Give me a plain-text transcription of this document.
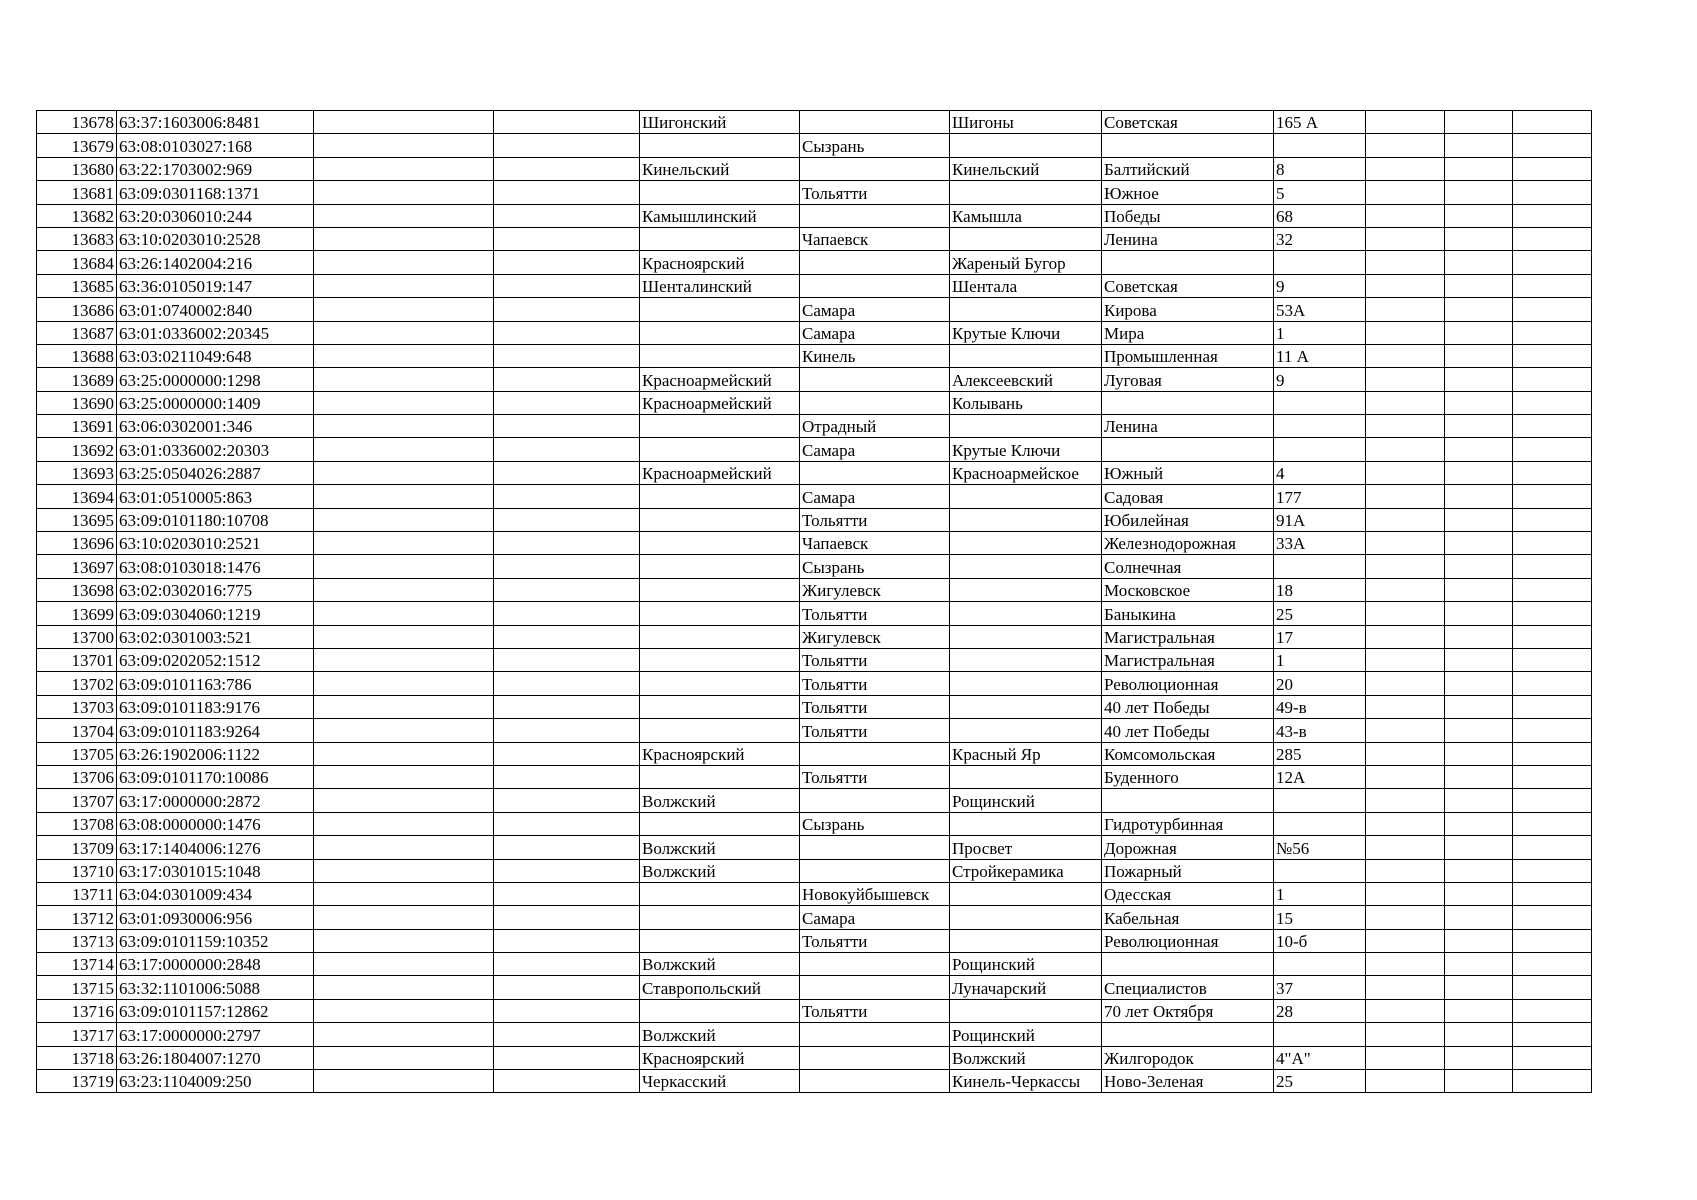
13678	63:37:1603006:8481			Шигонский		Шигоны	Советская	165 А			
13679	63:08:0103027:168				Сызрань						
13680	63:22:1703002:969			Кинельский		Кинельский	Балтийский	8			
13681	63:09:0301168:1371				Тольятти		Южное	5			
13682	63:20:0306010:244			Камышлинский		Камышла	Победы	68			
13683	63:10:0203010:2528				Чапаевск		Ленина	32			
13684	63:26:1402004:216			Красноярский		Жареный Бугор					
13685	63:36:0105019:147			Шенталинский		Шентала	Советская	9			
13686	63:01:0740002:840				Самара		Кирова	53А			
13687	63:01:0336002:20345				Самара	Крутые Ключи	Мира	1			
13688	63:03:0211049:648				Кинель		Промышленная	11 А			
13689	63:25:0000000:1298			Красноармейский		Алексеевский	Луговая	9			
13690	63:25:0000000:1409			Красноармейский		Колывань					
13691	63:06:0302001:346				Отрадный		Ленина				
13692	63:01:0336002:20303				Самара	Крутые Ключи					
13693	63:25:0504026:2887			Красноармейский		Красноармейское	Южный	4			
13694	63:01:0510005:863				Самара		Садовая	177			
13695	63:09:0101180:10708				Тольятти		Юбилейная	91А			
13696	63:10:0203010:2521				Чапаевск		Железнодорожная	33А			
13697	63:08:0103018:1476				Сызрань		Солнечная				
13698	63:02:0302016:775				Жигулевск		Московское	18			
13699	63:09:0304060:1219				Тольятти		Баныкина	25			
13700	63:02:0301003:521				Жигулевск		Магистральная	17			
13701	63:09:0202052:1512				Тольятти		Магистральная	1			
13702	63:09:0101163:786				Тольятти		Революционная	20			
13703	63:09:0101183:9176				Тольятти		40 лет Победы	49-в			
13704	63:09:0101183:9264				Тольятти		40 лет Победы	43-в			
13705	63:26:1902006:1122			Красноярский		Красный Яр	Комсомольская	285			
13706	63:09:0101170:10086				Тольятти		Буденного	12А			
13707	63:17:0000000:2872			Волжский		Рощинский					
13708	63:08:0000000:1476				Сызрань		Гидротурбинная				
13709	63:17:1404006:1276			Волжский		Просвет	Дорожная	№56			
13710	63:17:0301015:1048			Волжский		Стройкерамика	Пожарный				
13711	63:04:0301009:434				Новокуйбышевск		Одесская	1			
13712	63:01:0930006:956				Самара		Кабельная	15			
13713	63:09:0101159:10352				Тольятти		Революционная	10-б			
13714	63:17:0000000:2848			Волжский		Рощинский					
13715	63:32:1101006:5088			Ставропольский		Луначарский	Специалистов	37			
13716	63:09:0101157:12862				Тольятти		70 лет Октября	28			
13717	63:17:0000000:2797			Волжский		Рощинский					
13718	63:26:1804007:1270			Красноярский		Волжский	Жилгородок	4"А"			
13719	63:23:1104009:250			Черкасский		Кинель-Черкассы	Ново-Зеленая	25			
